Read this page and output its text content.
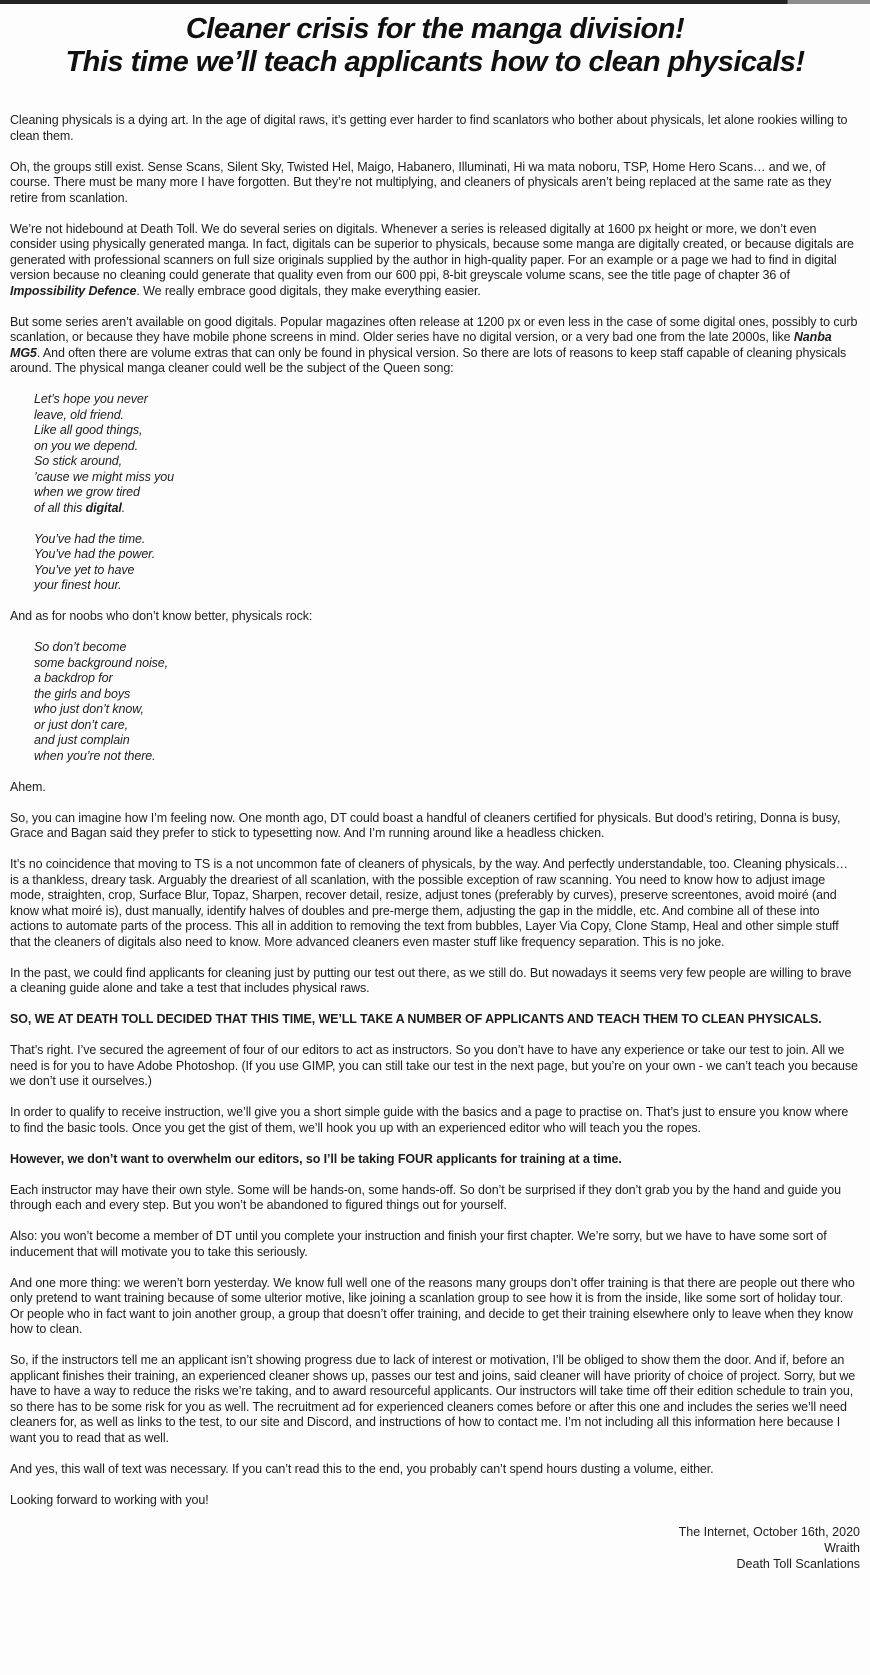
Cleaner crisis for the manga division!
This time we’ll teach applicants how to clean physicals!

Cleaning physicals is a dying art. In the age of digital raws, it’s getting ever harder to find scanlators who bother about physicals, let alone rookies willing to clean them.

Oh, the groups still exist. Sense Scans, Silent Sky, Twisted Hel, Maigo, Habanero, Illuminati, Hi wa mata noboru, TSP, Home Hero Scans… and we, of course. There must be many more I have forgotten. But they’re not multiplying, and cleaners of physicals aren’t being replaced at the same rate as they retire from scanlation.

We’re not hidebound at Death Toll. We do several series on digitals. Whenever a series is released digitally at 1600 px height or more, we don’t even consider using physically generated manga. In fact, digitals can be superior to physicals, because some manga are digitally created, or because digitals are generated with professional scanners on full size originals supplied by the author in high-quality paper. For an example or a page we had to find in digital version because no cleaning could generate that quality even from our 600 ppi, 8-bit greyscale volume scans, see the title page of chapter 36 of Impossibility Defence. We really embrace good digitals, they make everything easier.

But some series aren’t available on good digitals. Popular magazines often release at 1200 px or even less in the case of some digital ones, possibly to curb scanlation, or because they have mobile phone screens in mind. Older series have no digital version, or a very bad one from the late 2000s, like Nanba MG5. And often there are volume extras that can only be found in physical version. So there are lots of reasons to keep staff capable of cleaning physicals around. The physical manga cleaner could well be the subject of the Queen song:

Let’s hope you never
leave, old friend.
Like all good things,
on you we depend.
So stick around,
’cause we might miss you
when we grow tired
of all this digital.
You’ve had the time.
You’ve had the power.
You’ve yet to have
your finest hour.

And as for noobs who don’t know better, physicals rock:

So don’t become
some background noise,
a backdrop for
the girls and boys
who just don’t know,
or just don’t care,
and just complain
when you’re not there.

Ahem.

So, you can imagine how I’m feeling now. One month ago, DT could boast a handful of cleaners certified for physicals. But dood’s retiring, Donna is busy, Grace and Bagan said they prefer to stick to typesetting now. And I’m running around like a headless chicken.

It’s no coincidence that moving to TS is a not uncommon fate of cleaners of physicals, by the way. And perfectly understandable, too. Cleaning physicals… is a thankless, dreary task. Arguably the dreariest of all scanlation, with the possible exception of raw scanning. You need to know how to adjust image mode, straighten, crop, Surface Blur, Topaz, Sharpen, recover detail, resize, adjust tones (preferably by curves), preserve screentones, avoid moiré (and know what moiré is), dust manually, identify halves of doubles and pre-merge them, adjusting the gap in the middle, etc. And combine all of these into actions to automate parts of the process. This all in addition to removing the text from bubbles, Layer Via Copy, Clone Stamp, Heal and other simple stuff that the cleaners of digitals also need to know. More advanced cleaners even master stuff like frequency separation. This is no joke.

In the past, we could find applicants for cleaning just by putting our test out there, as we still do. But nowadays it seems very few people are willing to brave a cleaning guide alone and take a test that includes physical raws.

SO, WE AT DEATH TOLL DECIDED THAT THIS TIME, WE’LL TAKE A NUMBER OF APPLICANTS AND TEACH THEM TO CLEAN PHYSICALS.

That’s right. I’ve secured the agreement of four of our editors to act as instructors. So you don’t have to have any experience or take our test to join. All we need is for you to have Adobe Photoshop. (If you use GIMP, you can still take our test in the next page, but you’re on your own - we can’t teach you because we don’t use it ourselves.)

In order to qualify to receive instruction, we’ll give you a short simple guide with the basics and a page to practise on. That’s just to ensure you know where to find the basic tools. Once you get the gist of them, we’ll hook you up with an experienced editor who will teach you the ropes.

However, we don’t want to overwhelm our editors, so I’ll be taking FOUR applicants for training at a time.

Each instructor may have their own style. Some will be hands-on, some hands-off. So don’t be surprised if they don’t grab you by the hand and guide you through each and every step. But you won’t be abandoned to figured things out for yourself.

Also: you won’t become a member of DT until you complete your instruction and finish your first chapter. We’re sorry, but we have to have some sort of inducement that will motivate you to take this seriously.

And one more thing: we weren’t born yesterday. We know full well one of the reasons many groups don’t offer training is that there are people out there who only pretend to want training because of some ulterior motive, like joining a scanlation group to see how it is from the inside, like some sort of holiday tour. Or people who in fact want to join another group, a group that doesn’t offer training, and decide to get their training elsewhere only to leave when they know how to clean.

So, if the instructors tell me an applicant isn’t showing progress due to lack of interest or motivation, I’ll be obliged to show them the door. And if, before an applicant finishes their training, an experienced cleaner shows up, passes our test and joins, said cleaner will have priority of choice of project. Sorry, but we have to have a way to reduce the risks we’re taking, and to award resourceful applicants. Our instructors will take time off their edition schedule to train you, so there has to be some risk for you as well. The recruitment ad for experienced cleaners comes before or after this one and includes the series we’ll need cleaners for, as well as links to the test, to our site and Discord, and instructions of how to contact me. I’m not including all this information here because I want you to read that as well.

And yes, this wall of text was necessary. If you can’t read this to the end, you probably can’t spend hours dusting a volume, either.

Looking forward to working with you!

The Internet, October 16th, 2020
Wraith
Death Toll Scanlations
